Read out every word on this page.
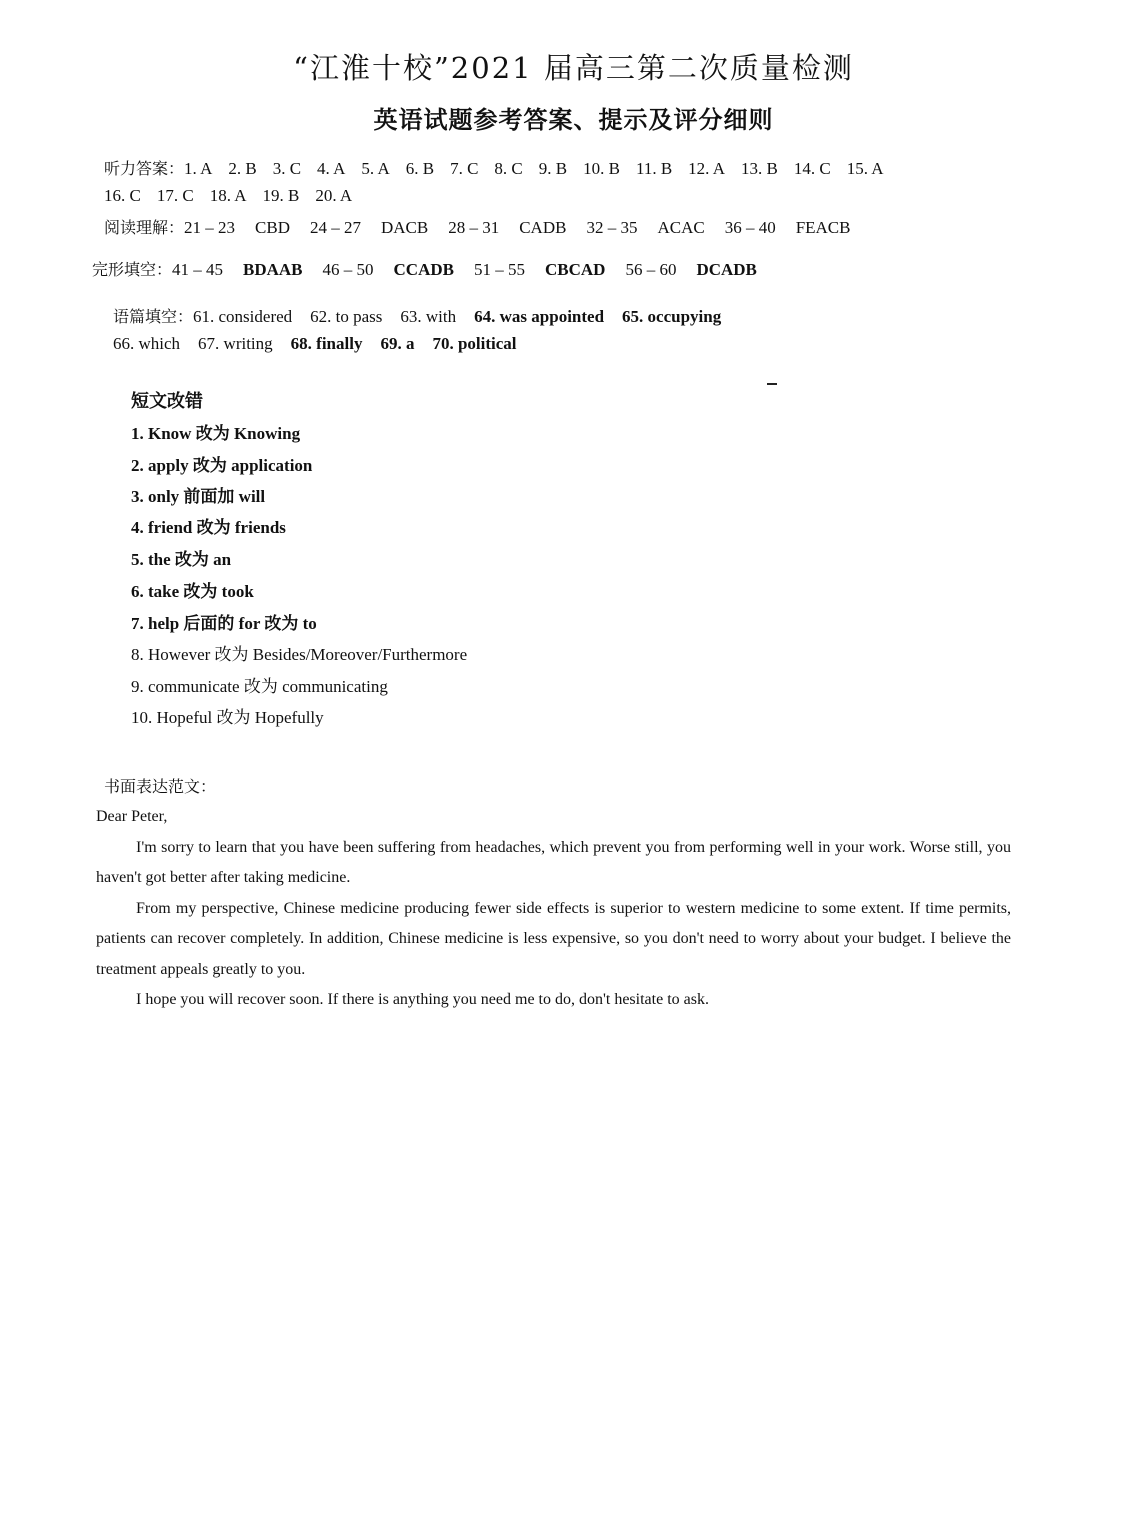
“江淮十校”2021 届高三第二次质量检测
英语试题参考答案、提示及评分细则
听力答案：1. A 2. B 3. C 4. A 5. A 6. B 7. C 8. C 9. B 10. B 11. B 12. A 13. B 14. C 15. A
16. C 17. C 18. A 19. B 20. A
阅读理解：21 – 23 CBD 24 – 27 DACB 28 – 31 CADB 32 – 35 ACAC 36 – 40 FEACB
完形填空：41 – 45 BDAAB 46 – 50 CCADB 51 – 55 CBCAD 56 – 60 DCADB
语篇填空：61. considered 62. to pass 63. with 64. was appointed 65. occupying
66. which 67. writing 68. finally 69. a 70. political
短文改错
1. Know 改为 Knowing
2. apply 改为 application
3. only 前面加 will
4. friend 改为 friends
5. the 改为 an
6. take 改为 took
7. help 后面的 for 改为 to
8. However 改为 Besides/Moreover/Furthermore
9. communicate 改为 communicating
10. Hopeful 改为 Hopefully
书面表达范文：

Dear Peter,

I'm sorry to learn that you have been suffering from headaches, which prevent you from performing well in your work. Worse still, you haven't got better after taking medicine.

From my perspective, Chinese medicine producing fewer side effects is superior to western medicine to some extent. If time permits, patients can recover completely. In addition, Chinese medicine is less expensive, so you don't need to worry about your budget. I believe the treatment appeals greatly to you.

I hope you will recover soon. If there is anything you need me to do, don't hesitate to ask.
